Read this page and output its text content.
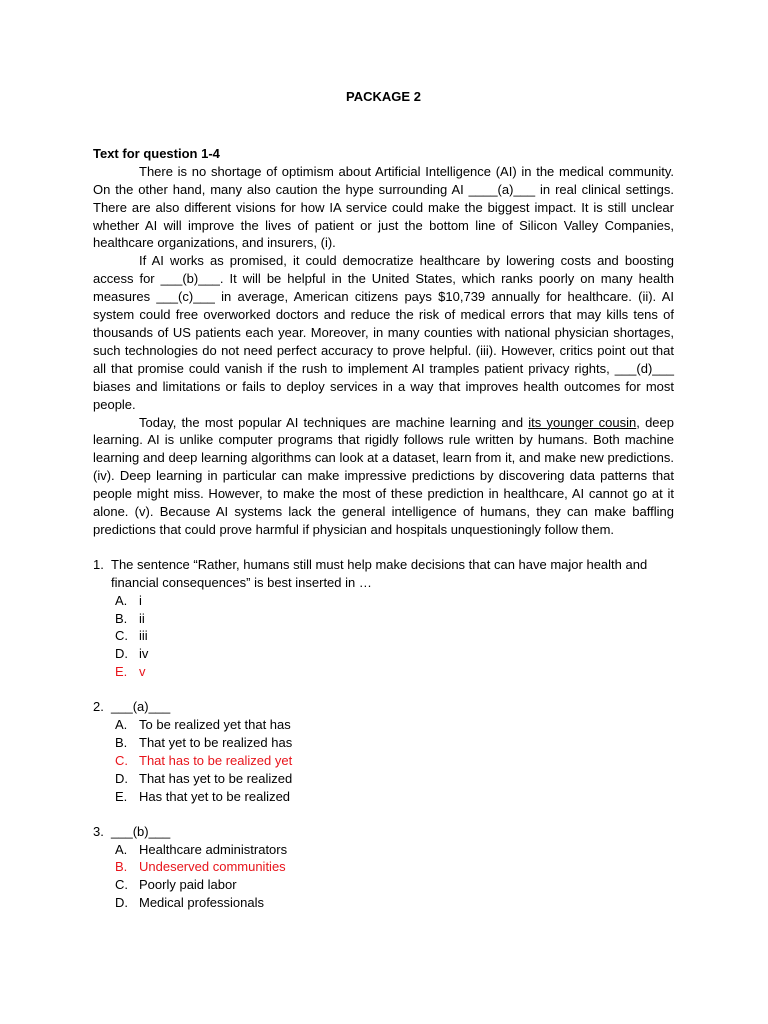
PACKAGE 2

Text for question 1-4

There is no shortage of optimism about Artificial Intelligence (AI) in the medical community. On the other hand, many also caution the hype surrounding AI ____(a)___ in real clinical settings. There are also different visions for how IA service could make the biggest impact. It is still unclear whether AI will improve the lives of patient or just the bottom line of Silicon Valley Companies, healthcare organizations, and insurers, (i).

If AI works as promised, it could democratize healthcare by lowering costs and boosting access for ___(b)___. It will be helpful in the United States, which ranks poorly on many health measures ___(c)___ in average, American citizens pays $10,739 annually for healthcare. (ii). AI system could free overworked doctors and reduce the risk of medical errors that may kills tens of thousands of US patients each year. Moreover, in many counties with national physician shortages, such technologies do not need perfect accuracy to prove helpful. (iii). However, critics point out that all that promise could vanish if the rush to implement AI tramples patient privacy rights, ___(d)___ biases and limitations or fails to deploy services in a way that improves health outcomes for most people.

Today, the most popular AI techniques are machine learning and its younger cousin, deep learning. AI is unlike computer programs that rigidly follows rule written by humans. Both machine learning and deep learning algorithms can look at a dataset, learn from it, and make new predictions. (iv). Deep learning in particular can make impressive predictions by discovering data patterns that people might miss. However, to make the most of these prediction in healthcare, AI cannot go at it alone. (v). Because AI systems lack the general intelligence of humans, they can make baffling predictions that could prove harmful if physician and hospitals unquestioningly follow them.

1. The sentence “Rather, humans still must help make decisions that can have major health and financial consequences” is best inserted in …
A. i
B. ii
C. iii
D. iv
E. v
2. ___(a)___
A. To be realized yet that has
B. That yet to be realized has
C. That has to be realized yet
D. That has yet to be realized
E. Has that yet to be realized
3. ___(b)___
A. Healthcare administrators
B. Undeserved communities
C. Poorly paid labor
D. Medical professionals
